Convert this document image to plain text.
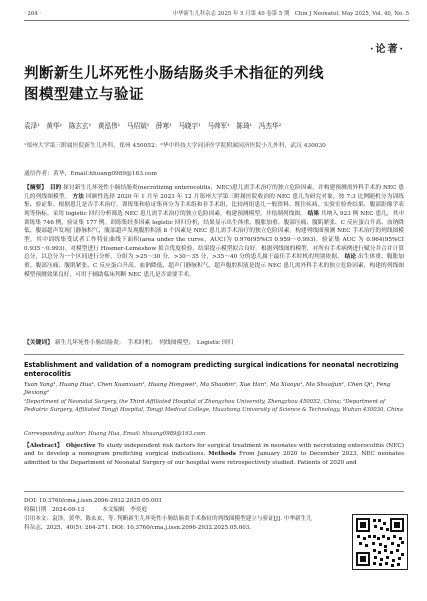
· 264 ·	中华新生儿科杂志 2025 年 5 月第 40 卷第 5 期　Chin J Neonatol, May 2025, Vol. 40, No. 5
·论著·
判断新生儿坏死性小肠结肠炎手术指征的列线图模型建立与验证
袁泽¹　黄华¹　陈玄玄¹　黄泓伟¹　马绍斌¹　薛寒¹　马晓宇¹　马帅军¹　陈琦¹　冯杰华²
¹郑州大学第三附属医院新生儿外科，郑州 450052；²华中科技大学同济医学院附属同济医院小儿外科，武汉 430030
通信作者：黄华，Email:hhuang0989@163.com
【摘要】　目的 探讨新生儿坏死性小肠结肠炎(necrotizing enterocolitis，NEC)患儿需手术治疗的独立危险因素，并构建预测需外科手术的 NEC 患儿的列线图模型。 方法 回顾性选择 2020 年 1 月至 2023 年 12 月郑州大学第三附属医院收治的 NEC 患儿为研究对象，按 7:3 比例随机分为训练集、验证集。根据患儿是否手术治疗，训练集和验证集再分为手术组和非手术组，比较两组患儿一般资料、既往疾病、实验室检查结果、腹部影像学表现等指标。采用 logistic 回归分析筛选 NEC 患儿需手术治疗的独立危险因素，构建预测模型，并绘制列线图。 结果 共纳入 923 例 NEC 患儿，其中训练集 746 例，验证集 177 例。训练集经多因素 logistic 回归分析，结果显示出生体重、腹胀加重、腹部压痛、腹肌紧张、C 反应蛋白升高、血钠降低、腹部超声发现门静脉积气、腹部超声发现腹腔积液 8 个因素是 NEC 患儿需手术治疗的独立危险因素。构建列线图预测 NEC 手术治疗的列线图模型。其中训练集受试者工作特征曲线下面积(area under the curve，AUC)为 0.976(95%CI 0.959～0.993)，验证集 AUC 为 0.964(95%CI 0.935～0.993)。对模型进行 Hosmer-Lemeshow 拟合优度检验，结果提示模型拟合良好。根据列线图的模型，对所有手术病例进行赋分并合并计算总分，以总分为一个区间进行分析，分组为 >25～30 分，>30～35 分，>35～40 分的患儿属于最佳手术时机的判别依据。 结论 出生体重、腹胀加重、腹部压痛、腹肌紧张、C 反应蛋白升高、血钠降低、超声门静脉积气、超声腹腔积液是提示 NEC 患儿需外科手术的独立危险因素，构建的列线图模型预测效果良好，可用于辅助临床判断 NEC 患儿是否需要手术。
【关键词】 新生儿坏死性小肠结肠炎；　手术时机；　列线图模型；　Logistic 回归
Establishment and validation of a nomogram predicting surgical indications for neonatal necrotizing enterocolitis
Yuan Yang¹, Huang Hua¹, Chen Xuanxuan¹, Huang Hongwei¹, Ma Shaobin¹, Xue Han¹, Ma Xiaoyu¹, Ma Shuaijun¹, Chen Qi¹, Feng Jiexiong²
¹Department of Neonatal Surgery, the Third Affiliated Hospital of Zhengzhou University, Zhengzhou 450052, China; ²Department of Pediatric Surgery, Affiliated Tongji Hospital, Tongji Medical College, Huazhong University of Science & Technology, Wuhan 430030, China
Corresponding author: Huang Hua, Email: hhuang0989@163.com
【Abstract】　Objective To study independent risk factors for surgical treatment in neonates with necrotizing enterocolitis (NEC) and to develop a nomogram predicting surgical indications. Methods From January 2020 to December 2023, NEC neonates admitted to the Department of Neonatal Surgery of our hospital were retrospectively studied. Patients of 2020 and
DOI: 10.3760/cma.j.issn.2096-2932.2025.05.003
收稿日期　2024-09-13	本文编辑　李奕庭
引用本文：袁泽，黄华，陈玄玄，等. 判断新生儿坏死性小肠结肠炎手术指征的列线图模型建立与验证[J]. 中华新生儿科杂志，2025，40(5): 264-271. DOI: 10.3760/cma.j.issn.2096-2932.2025.05.003.
